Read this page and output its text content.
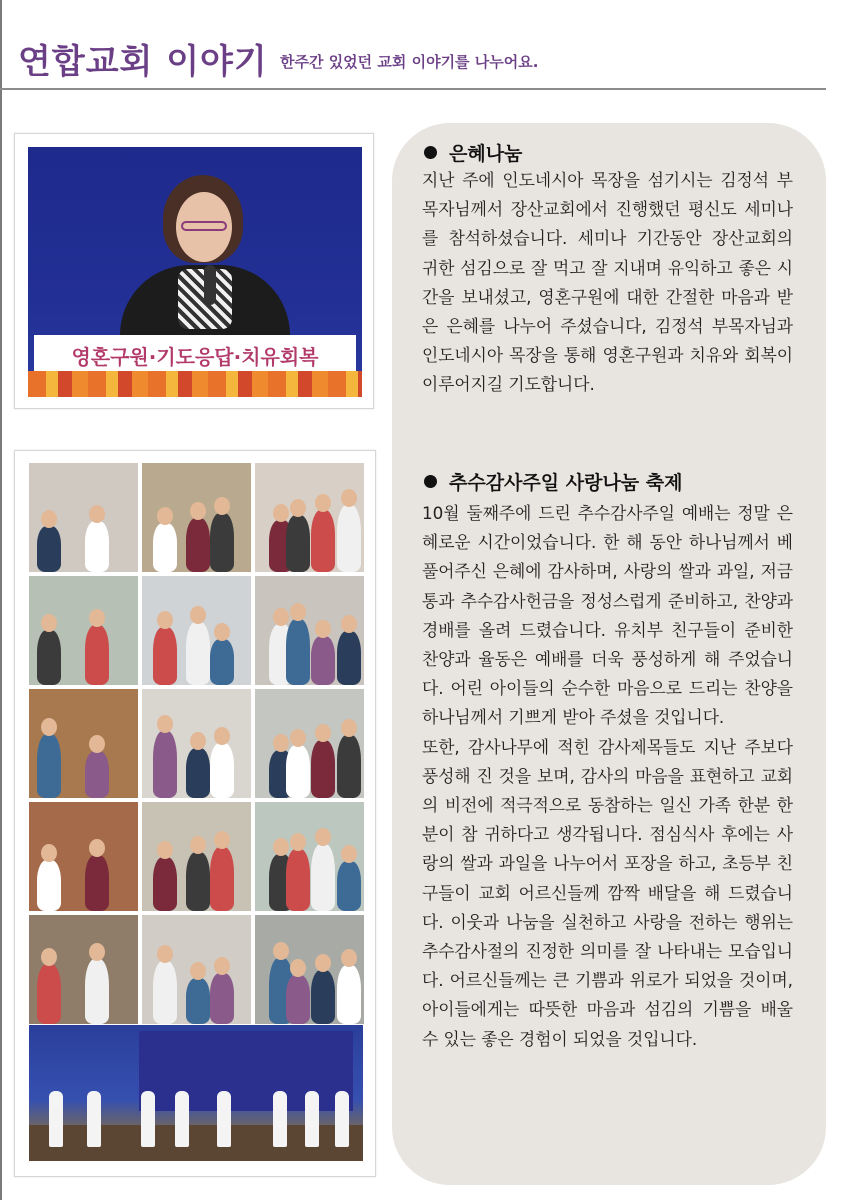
연합교회 이야기 한주간 있었던 교회 이야기를 나누어요.
영혼구원·기도응답·치유회복
은혜나눔

지난 주에 인도네시아 목장을 섬기시는 김정석 부목자님께서 장산교회에서 진행했던 평신도 세미나를 참석하셨습니다. 세미나 기간동안 장산교회의 귀한 섬김으로 잘 먹고 잘 지내며 유익하고 좋은 시간을 보내셨고, 영혼구원에 대한 간절한 마음과 받은 은혜를 나누어 주셨습니다, 김정석 부목자님과 인도네시아 목장을 통해 영혼구원과 치유와 회복이 이루어지길 기도합니다.

추수감사주일 사랑나눔 축제

10월 둘째주에 드린 추수감사주일 예배는 정말 은혜로운 시간이었습니다. 한 해 동안 하나님께서 베풀어주신 은혜에 감사하며, 사랑의 쌀과 과일, 저금통과 추수감사헌금을 정성스럽게 준비하고, 찬양과 경배를 올려 드렸습니다. 유치부 친구들이 준비한 찬양과 율동은 예배를 더욱 풍성하게 해 주었습니다. 어린 아이들의 순수한 마음으로 드리는 찬양을 하나님께서 기쁘게 받아 주셨을 것입니다.

또한, 감사나무에 적힌 감사제목들도 지난 주보다 풍성해 진 것을 보며, 감사의 마음을 표현하고 교회의 비전에 적극적으로 동참하는 일신 가족 한분 한분이 참 귀하다고 생각됩니다. 점심식사 후에는 사랑의 쌀과 과일을 나누어서 포장을 하고, 초등부 친구들이 교회 어르신들께 깜짝 배달을 해 드렸습니다. 이웃과 나눔을 실천하고 사랑을 전하는 행위는 추수감사절의 진정한 의미를 잘 나타내는 모습입니다. 어르신들께는 큰 기쁨과 위로가 되었을 것이며, 아이들에게는 따뜻한 마음과 섬김의 기쁨을 배울 수 있는 좋은 경험이 되었을 것입니다.
